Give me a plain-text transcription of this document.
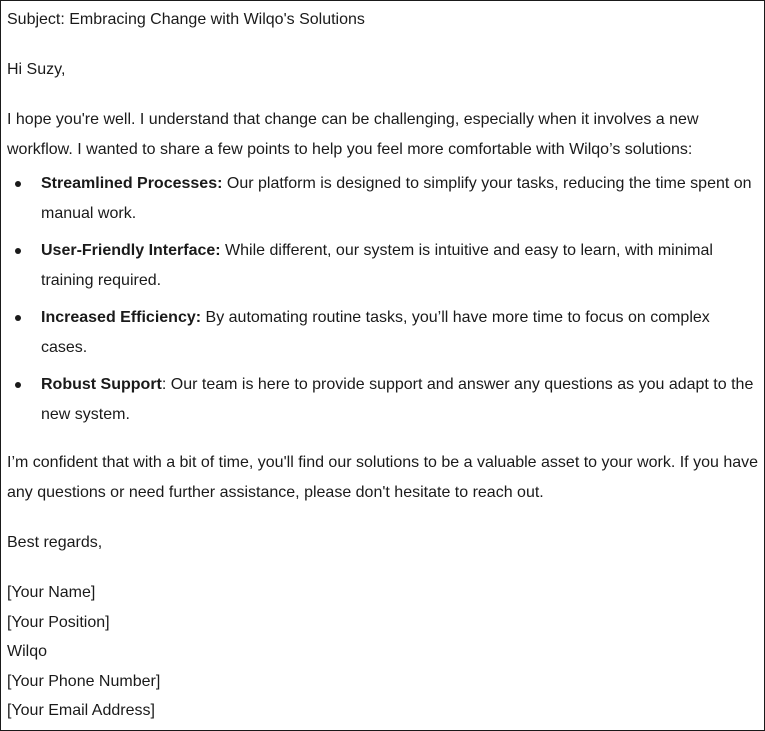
Subject: Embracing Change with Wilqo's Solutions

Hi Suzy,

I hope you're well. I understand that change can be challenging, especially when it involves a new workflow. I wanted to share a few points to help you feel more comfortable with Wilqo’s solutions:

Streamlined Processes: Our platform is designed to simplify your tasks, reducing the time spent on manual work.
User-Friendly Interface: While different, our system is intuitive and easy to learn, with minimal training required.
Increased Efficiency: By automating routine tasks, you’ll have more time to focus on complex cases.
Robust Support: Our team is here to provide support and answer any questions as you adapt to the new system.

I’m confident that with a bit of time, you'll find our solutions to be a valuable asset to your work. If you have any questions or need further assistance, please don't hesitate to reach out.

Best regards,

[Your Name]

[Your Position]

Wilqo

[Your Phone Number]

[Your Email Address]
